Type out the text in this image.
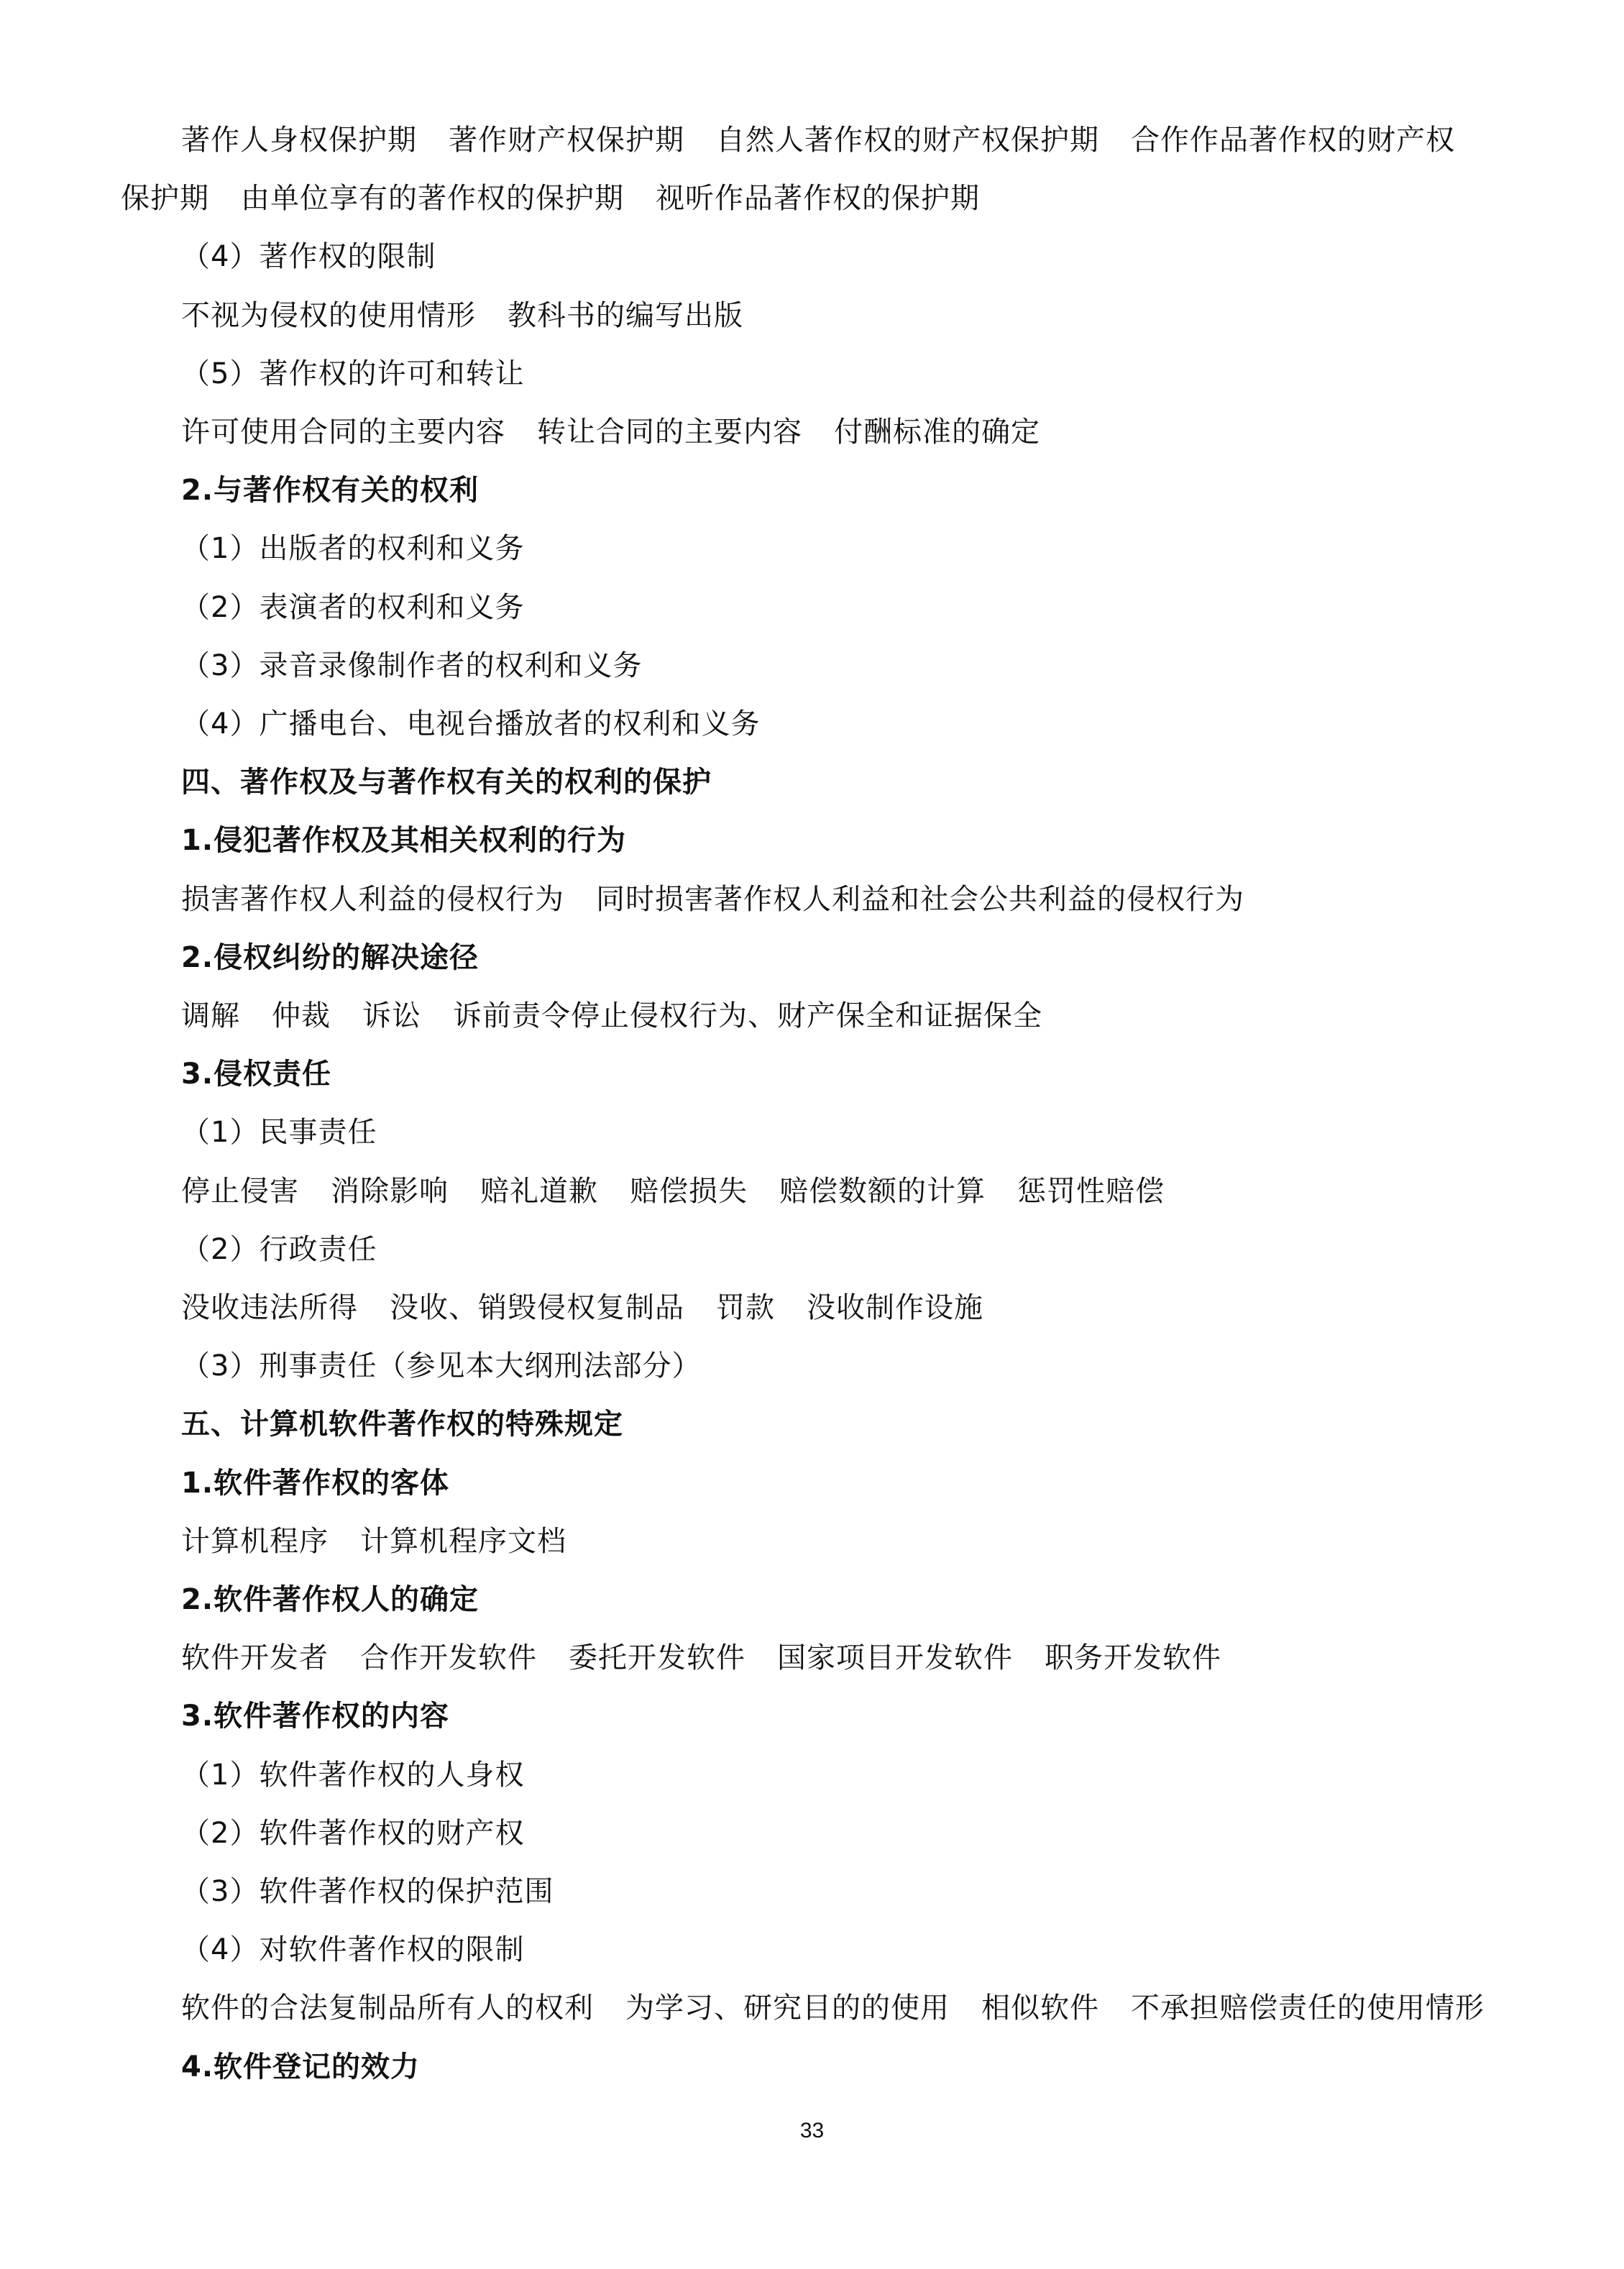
著作人身权保护期 著作财产权保护期 自然人著作权的财产权保护期 合作作品著作权的财产权
保护期 由单位享有的著作权的保护期 视听作品著作权的保护期
（4）著作权的限制
不视为侵权的使用情形 教科书的编写出版
（5）著作权的许可和转让
许可使用合同的主要内容 转让合同的主要内容 付酬标准的确定
2.与著作权有关的权利
（1）出版者的权利和义务
（2）表演者的权利和义务
（3）录音录像制作者的权利和义务
（4）广播电台、电视台播放者的权利和义务
四、著作权及与著作权有关的权利的保护
1.侵犯著作权及其相关权利的行为
损害著作权人利益的侵权行为 同时损害著作权人利益和社会公共利益的侵权行为
2.侵权纠纷的解决途径
调解 仲裁 诉讼 诉前责令停止侵权行为、财产保全和证据保全
3.侵权责任
（1）民事责任
停止侵害 消除影响 赔礼道歉 赔偿损失 赔偿数额的计算 惩罚性赔偿
（2）行政责任
没收违法所得 没收、销毁侵权复制品 罚款 没收制作设施
（3）刑事责任（参见本大纲刑法部分）
五、计算机软件著作权的特殊规定
1.软件著作权的客体
计算机程序 计算机程序文档
2.软件著作权人的确定
软件开发者 合作开发软件 委托开发软件 国家项目开发软件 职务开发软件
3.软件著作权的内容
（1）软件著作权的人身权
（2）软件著作权的财产权
（3）软件著作权的保护范围
（4）对软件著作权的限制
软件的合法复制品所有人的权利 为学习、研究目的的使用 相似软件 不承担赔偿责任的使用情形
4.软件登记的效力
33
